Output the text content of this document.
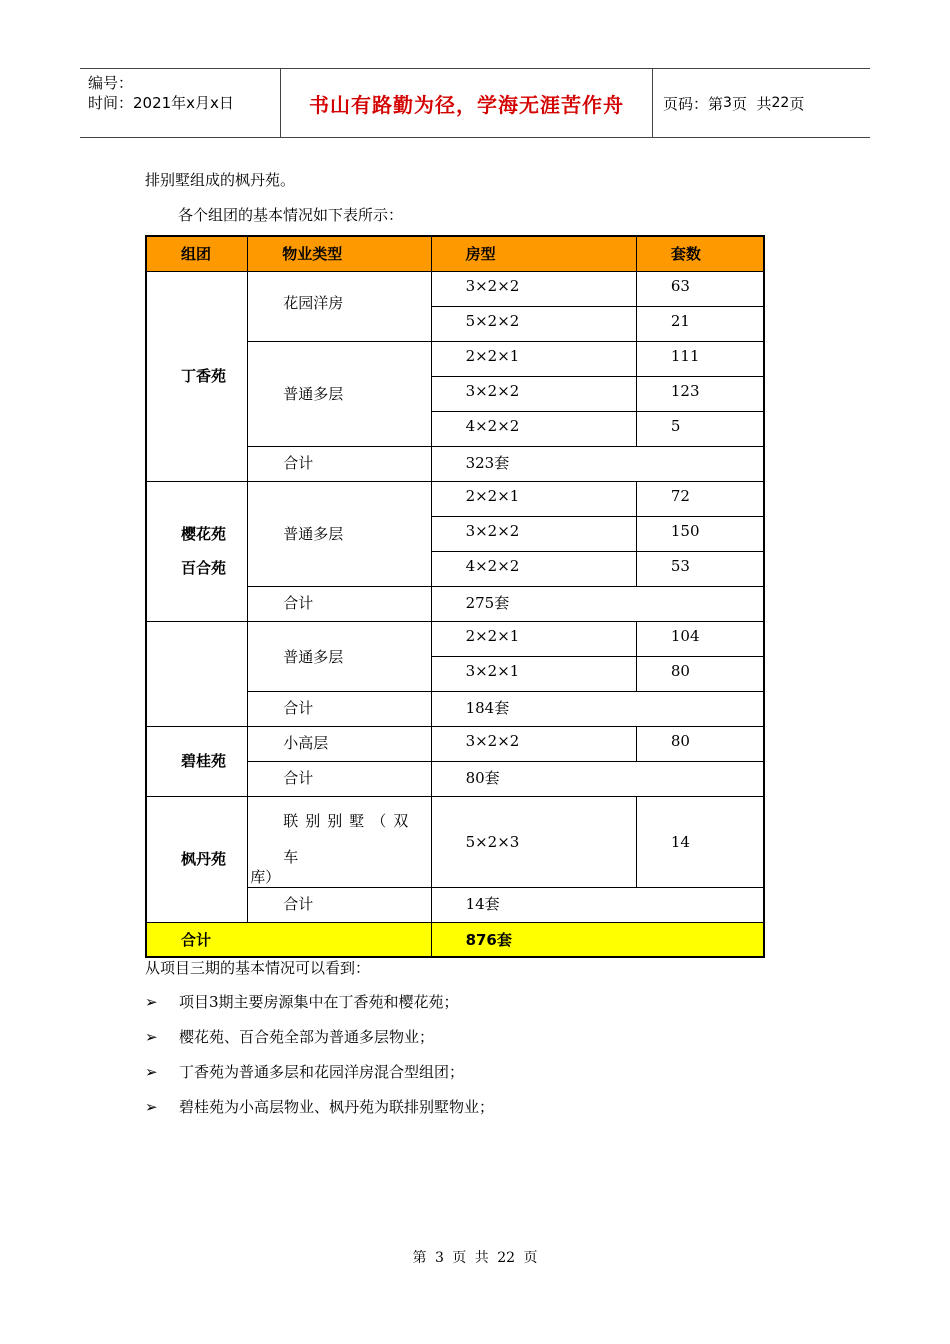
编号：
时间：2021年x月x日	书山有路勤为径，学海无涯苦作舟	页码：第 3 页  共 22 页
排别墅组成的枫丹苑。
各个组团的基本情况如下表所示：
组团	物业类型	房型	套数
丁香苑	花园洋房	3×2×2	63
		5×2×2	21
	普通多层	2×2×1	111
		3×2×2	123
		4×2×2	5
	合计	323套	

樱花苑
百合苑	普通多层	2×2×1	72
		3×2×2	150
		4×2×2	53
	合计	275套	
	普通多层	2×2×1	104
		3×2×1	80
	合计	184套	
碧桂苑	小高层	3×2×2	80
	合计	80套	
枫丹苑	联别别墅（双车
库）	5×2×3	14
	合计	14套	
合计		876套	
从项目三期的基本情况可以看到：
➢ 项目3期主要房源集中在丁香苑和樱花苑；
➢ 樱花苑、百合苑全部为普通多层物业；
➢ 丁香苑为普通多层和花园洋房混合型组团；
➢ 碧桂苑为小高层物业、枫丹苑为联排别墅物业；
第 3 页 共 22 页
